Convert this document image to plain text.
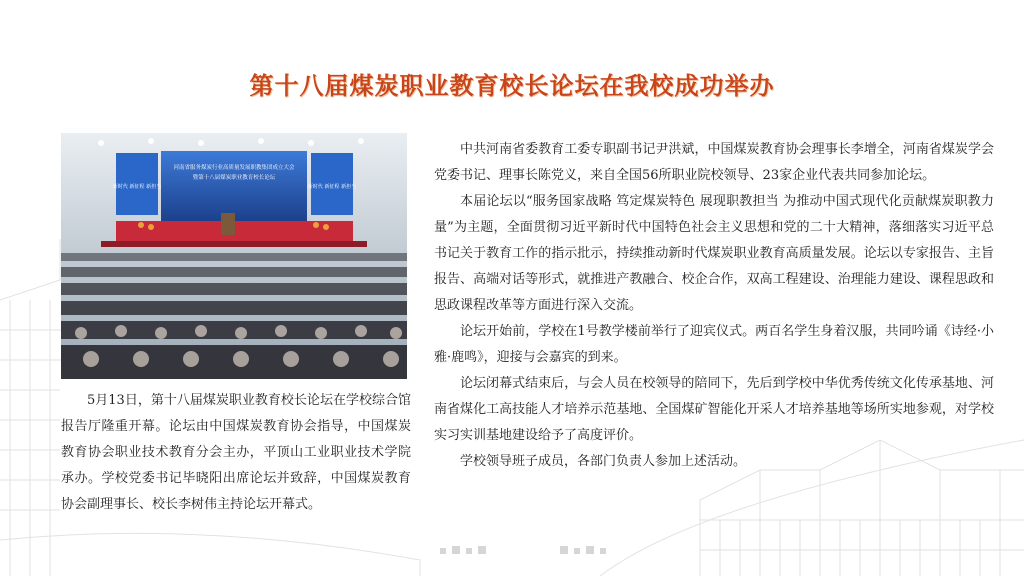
第十八届煤炭职业教育校长论坛在我校成功举办
河南省服务煤炭行业高质量发展职教集团成立大会
暨第十八届煤炭职业教育校长论坛
新时代 新征程 新担当	新时代 新征程 新担当
5月13日，第十八届煤炭职业教育校长论坛在学校综合馆报告厅隆重开幕。论坛由中国煤炭教育协会指导，中国煤炭教育协会职业技术教育分会主办，平顶山工业职业技术学院承办。学校党委书记毕晓阳出席论坛并致辞，中国煤炭教育协会副理事长、校长李树伟主持论坛开幕式。

中共河南省委教育工委专职副书记尹洪斌，中国煤炭教育协会理事长李增全，河南省煤炭学会党委书记、理事长陈党义，来自全国56所职业院校领导、23家企业代表共同参加论坛。

本届论坛以“服务国家战略 笃定煤炭特色 展现职教担当 为推动中国式现代化贡献煤炭职教力量”为主题，全面贯彻习近平新时代中国特色社会主义思想和党的二十大精神，落细落实习近平总书记关于教育工作的指示批示，持续推动新时代煤炭职业教育高质量发展。论坛以专家报告、主旨报告、高端对话等形式，就推进产教融合、校企合作，双高工程建设、治理能力建设、课程思政和思政课程改革等方面进行深入交流。

论坛开始前，学校在1号教学楼前举行了迎宾仪式。两百名学生身着汉服，共同吟诵《诗经·小雅·鹿鸣》，迎接与会嘉宾的到来。

论坛闭幕式结束后，与会人员在校领导的陪同下，先后到学校中华优秀传统文化传承基地、河南省煤化工高技能人才培养示范基地、全国煤矿智能化开采人才培养基地等场所实地参观，对学校实习实训基地建设给予了高度评价。

学校领导班子成员，各部门负责人参加上述活动。
